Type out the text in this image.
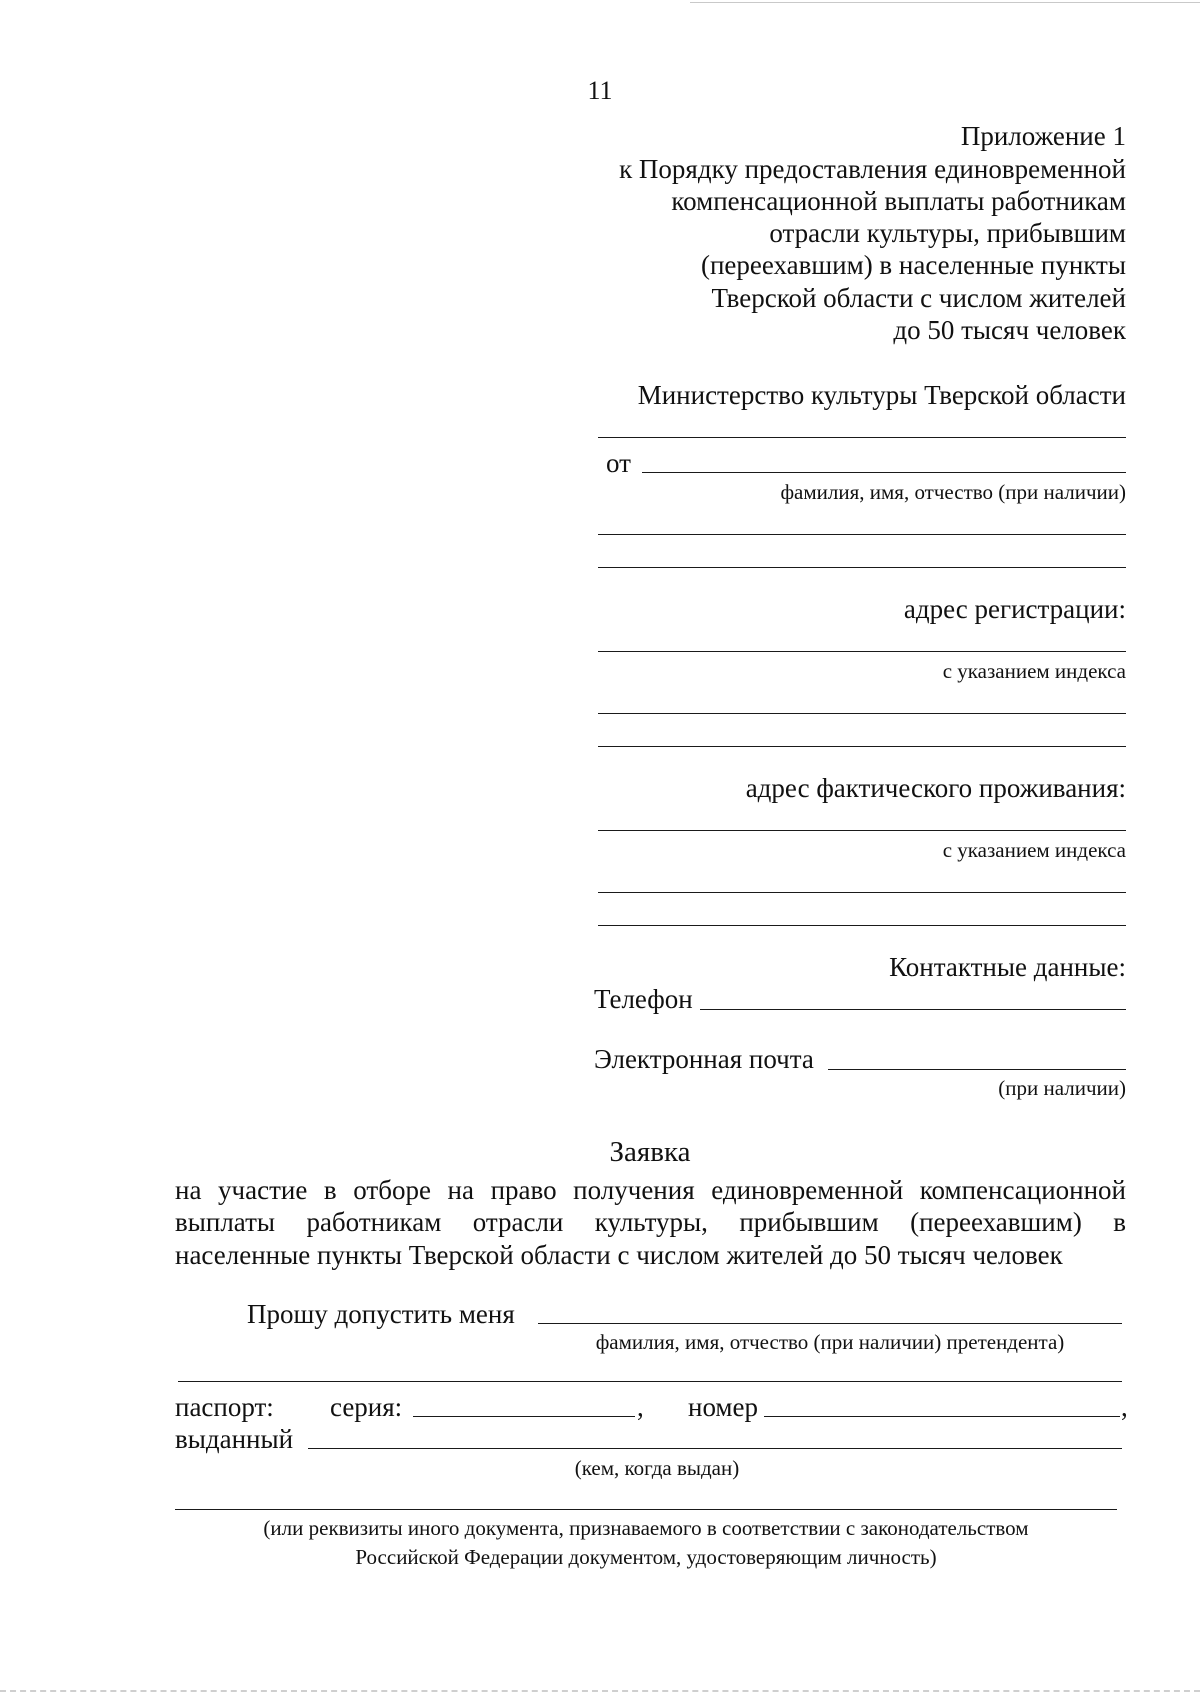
11
Приложение 1
к Порядку предоставления единовременной
компенсационной выплаты работникам
отрасли культуры, прибывшим
(переехавшим) в населенные пункты
Тверской области с числом жителей
до 50 тысяч человек
Министерство культуры Тверской области
от
фамилия, имя, отчество (при наличии)
адрес регистрации:
с указанием индекса
адрес фактического проживания:
с указанием индекса
Контактные данные:
Телефон
Электронная почта
(при наличии)
Заявка
на участие в отборе на право получения единовременной компенсационной
выплаты работникам отрасли культуры, прибывшим (переехавшим) в
населенные пункты Тверской области с числом жителей до 50 тысяч человек
Прошу допустить меня
фамилия, имя, отчество (при наличии) претендента)
паспорт: серия:	, номер	,
выданный
(кем, когда выдан)
(или реквизиты иного документа, признаваемого в соответствии с законодательством
Российской Федерации документом, удостоверяющим личность)
